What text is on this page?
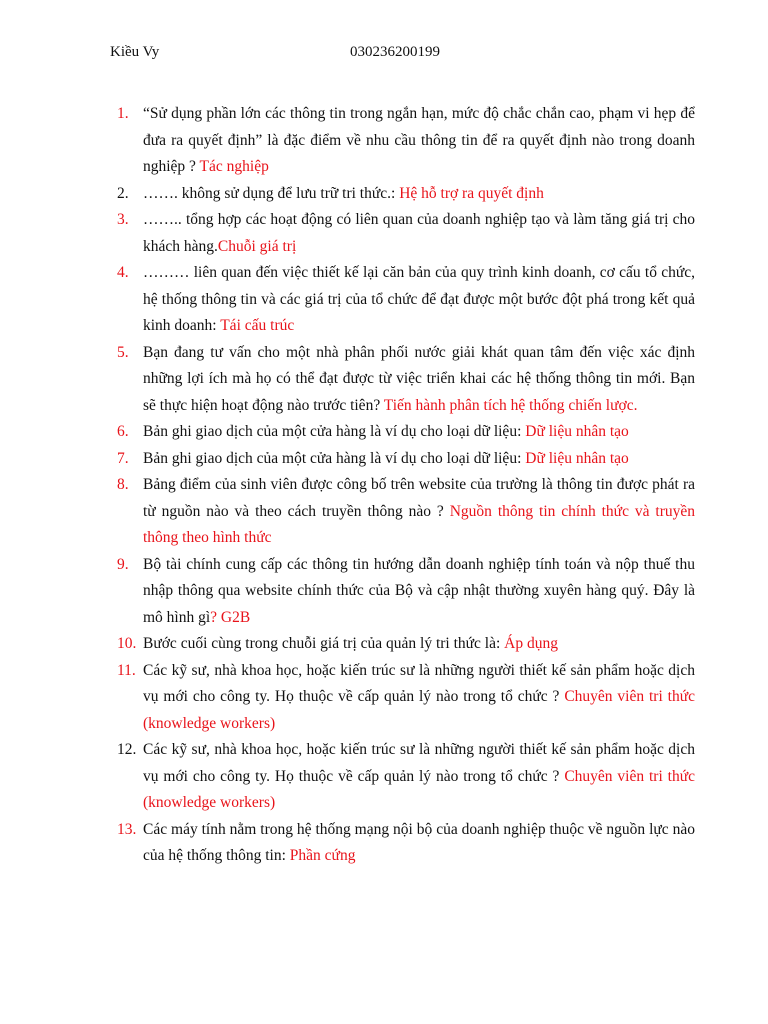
Kiều Vy	030236200199
1. “Sử dụng phần lớn các thông tin trong ngắn hạn, mức độ chắc chắn cao, phạm vi hẹp để đưa ra quyết định” là đặc điểm về nhu cầu thông tin để ra quyết định nào trong doanh nghiệp ? Tác nghiệp
2. ……. không sử dụng để lưu trữ tri thức.: Hệ hỗ trợ ra quyết định
3. …….. tổng hợp các hoạt động có liên quan của doanh nghiệp tạo và làm tăng giá trị cho khách hàng.Chuỗi giá trị
4. ……… liên quan đến việc thiết kế lại căn bản của quy trình kinh doanh, cơ cấu tổ chức, hệ thống thông tin và các giá trị của tổ chức để đạt được một bước đột phá trong kết quả kinh doanh: Tái cấu trúc
5. Bạn đang tư vấn cho một nhà phân phối nước giải khát quan tâm đến việc xác định những lợi ích mà họ có thể đạt được từ việc triển khai các hệ thống thông tin mới. Bạn sẽ thực hiện hoạt động nào trước tiên? Tiến hành phân tích hệ thống chiến lược.
6. Bản ghi giao dịch của một cửa hàng là ví dụ cho loại dữ liệu: Dữ liệu nhân tạo
7. Bản ghi giao dịch của một cửa hàng là ví dụ cho loại dữ liệu: Dữ liệu nhân tạo
8. Bảng điểm của sinh viên được công bố trên website của trường là thông tin được phát ra từ nguồn nào và theo cách truyền thông nào ? Nguồn thông tin chính thức và truyền thông theo hình thức
9. Bộ tài chính cung cấp các thông tin hướng dẫn doanh nghiệp tính toán và nộp thuế thu nhập thông qua website chính thức của Bộ và cập nhật thường xuyên hàng quý. Đây là mô hình gì? G2B
10. Bước cuối cùng trong chuỗi giá trị của quản lý tri thức là: Áp dụng
11. Các kỹ sư, nhà khoa học, hoặc kiến trúc sư là những người thiết kế sản phẩm hoặc dịch vụ mới cho công ty. Họ thuộc về cấp quản lý nào trong tổ chức ? Chuyên viên tri thức (knowledge workers)
12. Các kỹ sư, nhà khoa học, hoặc kiến trúc sư là những người thiết kế sản phẩm hoặc dịch vụ mới cho công ty. Họ thuộc về cấp quản lý nào trong tổ chức ? Chuyên viên tri thức (knowledge workers)
13. Các máy tính nằm trong hệ thống mạng nội bộ của doanh nghiệp thuộc về nguồn lực nào của hệ thống thông tin: Phần cứng
